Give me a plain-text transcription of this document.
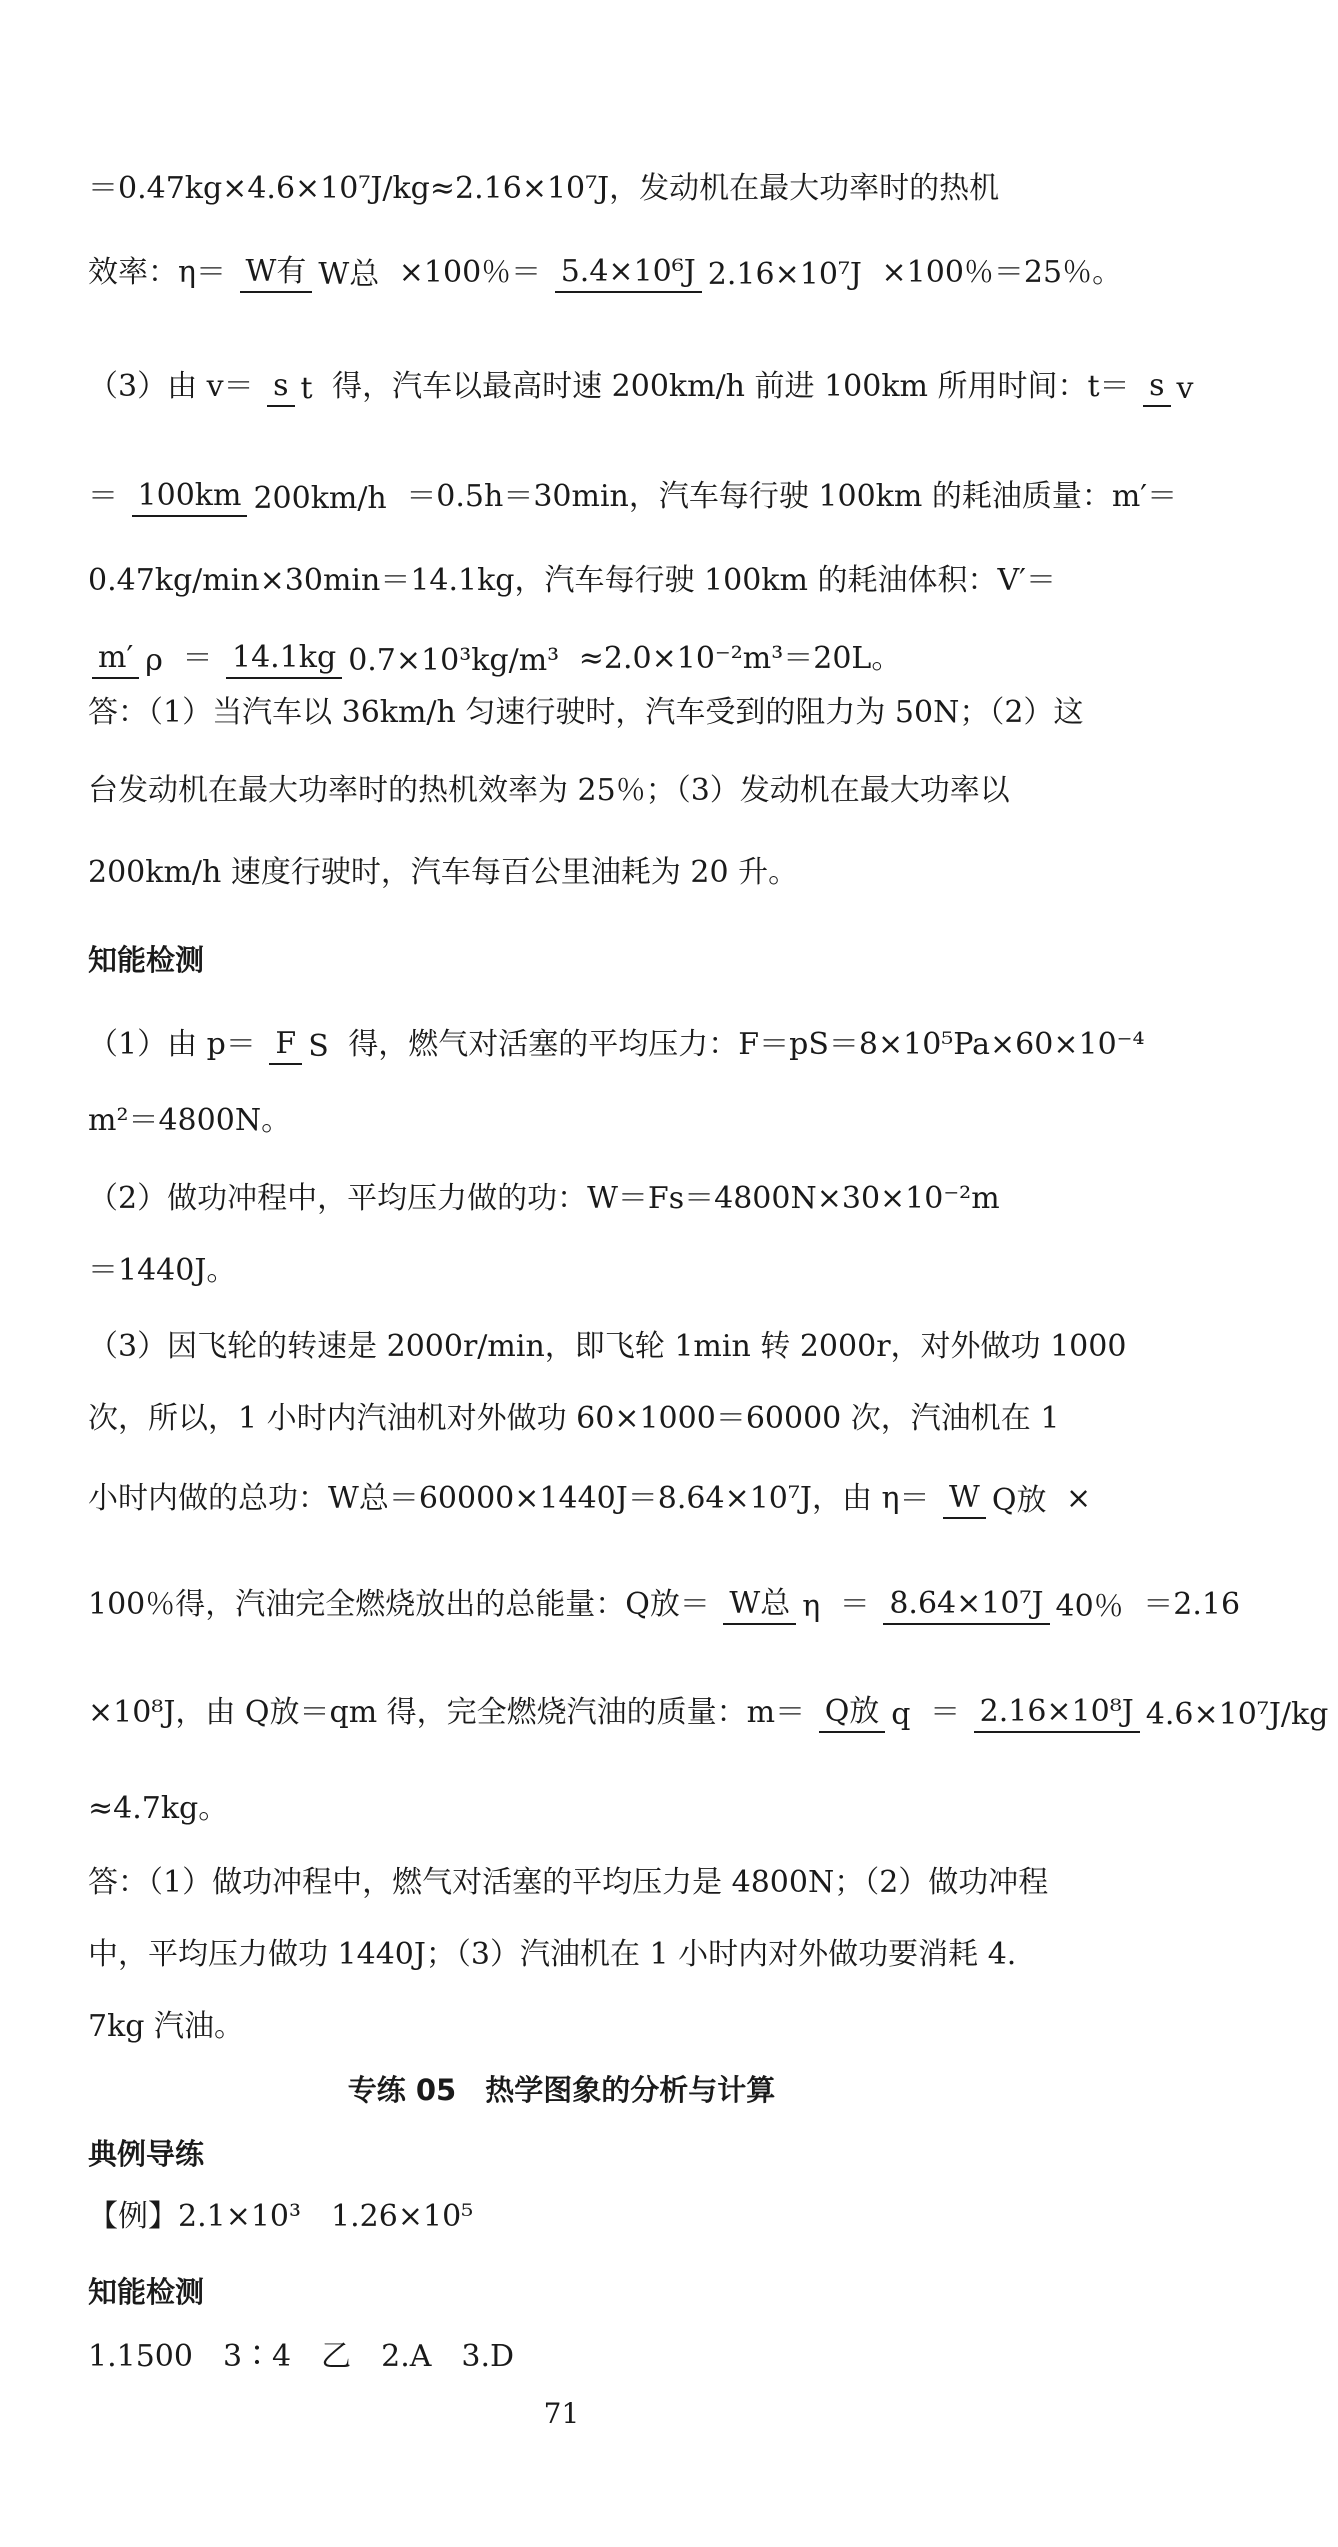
＝0.47kg×4.6×10⁷J/kg≈2.16×10⁷J，发动机在最大功率时的热机
效率：η＝ W有 W总 ×100％＝ 5.4×10⁶J 2.16×10⁷J ×100％＝25％。
（3）由 v＝ s t 得，汽车以最高时速 200km/h 前进 100km 所用时间：t＝ s v
＝ 100km 200km/h ＝0.5h＝30min，汽车每行驶 100km 的耗油质量：m′＝
0.47kg/min×30min＝14.1kg，汽车每行驶 100km 的耗油体积：V′＝
m′ ρ ＝ 14.1kg 0.7×10³kg/m³ ≈2.0×10⁻²m³＝20L。
答：（1）当汽车以 36km/h 匀速行驶时，汽车受到的阻力为 50N；（2）这
台发动机在最大功率时的热机效率为 25％；（3）发动机在最大功率以
200km/h 速度行驶时，汽车每百公里油耗为 20 升。
知能检测
（1）由 p＝ F S 得，燃气对活塞的平均压力：F＝pS＝8×10⁵Pa×60×10⁻⁴
m²＝4800N。
（2）做功冲程中，平均压力做的功：W＝Fs＝4800N×30×10⁻²m
＝1440J。
（3）因飞轮的转速是 2000r/min，即飞轮 1min 转 2000r，对外做功 1000
次，所以，1 小时内汽油机对外做功 60×1000＝60000 次，汽油机在 1
小时内做的总功：W总＝60000×1440J＝8.64×10⁷J，由 η＝ W Q放 ×
100％得，汽油完全燃烧放出的总能量：Q放＝ W总 η ＝ 8.64×10⁷J 40％ ＝2.16
×10⁸J，由 Q放＝qm 得，完全燃烧汽油的质量：m＝ Q放 q ＝ 2.16×10⁸J 4.6×10⁷J/kg
≈4.7kg。
答：（1）做功冲程中，燃气对活塞的平均压力是 4800N；（2）做功冲程
中，平均压力做功 1440J；（3）汽油机在 1 小时内对外做功要消耗 4.
7kg 汽油。
专练 05　热学图象的分析与计算
典例导练
【例】2.1×10³　1.26×10⁵
知能检测
1.1500　3∶4　乙　2.A　3.D
71
